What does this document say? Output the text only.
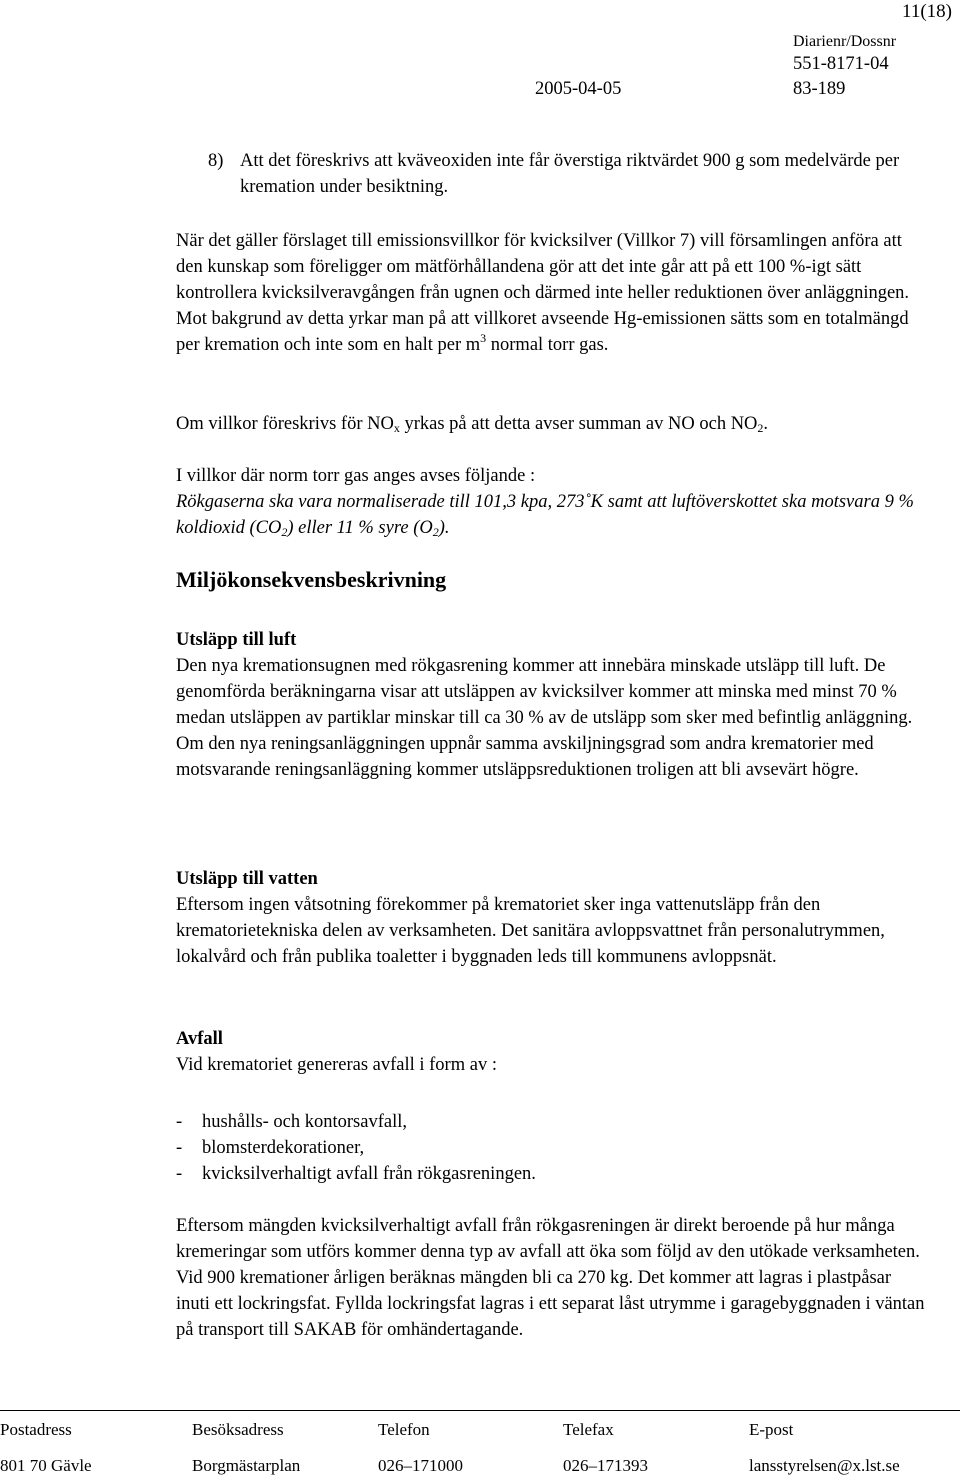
11(18)
Diarienr/Dossnr
551-8171-04
2005-04-05	83-189
8) Att det föreskrivs att kväveoxiden inte får överstiga riktvärdet 900 g som medelvärde per kremation under besiktning.

När det gäller förslaget till emissionsvillkor för kvicksilver (Villkor 7) vill församlingen anföra att den kunskap som föreligger om mätförhållandena gör att det inte går att på ett 100 %-igt sätt kontrollera kvicksilveravgången från ugnen och därmed inte heller reduktionen över anläggningen. Mot bakgrund av detta yrkar man på att villkoret avseende Hg-emissionen sätts som en totalmängd per kremation och inte som en halt per $m^3$ normal torr gas.

Om villkor föreskrivs för $NO_x$ yrkas på att detta avser summan av NO och $NO_2$.

I villkor där norm torr gas anges avses följande :

Rökgaserna ska vara normaliserade till 101,3 kpa, 273˚K samt att luftöverskottet ska motsvara 9 % koldioxid $(CO_2)$ eller 11 % syre $(O_2)$.

Miljökonsekvensbeskrivning
Utsläpp till luft

Den nya kremationsugnen med rökgasrening kommer att innebära minskade utsläpp till luft. De genomförda beräkningarna visar att utsläppen av kvicksilver kommer att minska med minst 70 % medan utsläppen av partiklar minskar till ca 30 % av de utsläpp som sker med befintlig anläggning. Om den nya reningsanläggningen uppnår samma avskiljningsgrad som andra krematorier med motsvarande reningsanläggning kommer utsläppsreduktionen troligen att bli avsevärt högre.

Utsläpp till vatten

Eftersom ingen våtsotning förekommer på krematoriet sker inga vattenutsläpp från den krematorietekniska delen av verksamheten. Det sanitära avloppsvattnet från personalutrymmen, lokalvård och från publika toaletter i byggnaden leds till kommunens avloppsnät.

Avfall

Vid krematoriet genereras avfall i form av :

- hushålls- och kontorsavfall,
- blomsterdekorationer,
- kvicksilverhaltigt avfall från rökgasreningen.

Eftersom mängden kvicksilverhaltigt avfall från rökgasreningen är direkt beroende på hur många kremeringar som utförs kommer denna typ av avfall att öka som följd av den utökade verksamheten. Vid 900 kremationer årligen beräknas mängden bli ca 270 kg. Det kommer att lagras i plastpåsar inuti ett lockringsfat. Fyllda lockringsfat lagras i ett separat låst utrymme i garagebyggnaden i väntan på transport till SAKAB för omhändertagande.

Postadress	Besöksadress	Telefon	Telefax	E-post
801 70 Gävle	Borgmästarplan	026–171000	026–171393	lansstyrelsen@x.lst.se
